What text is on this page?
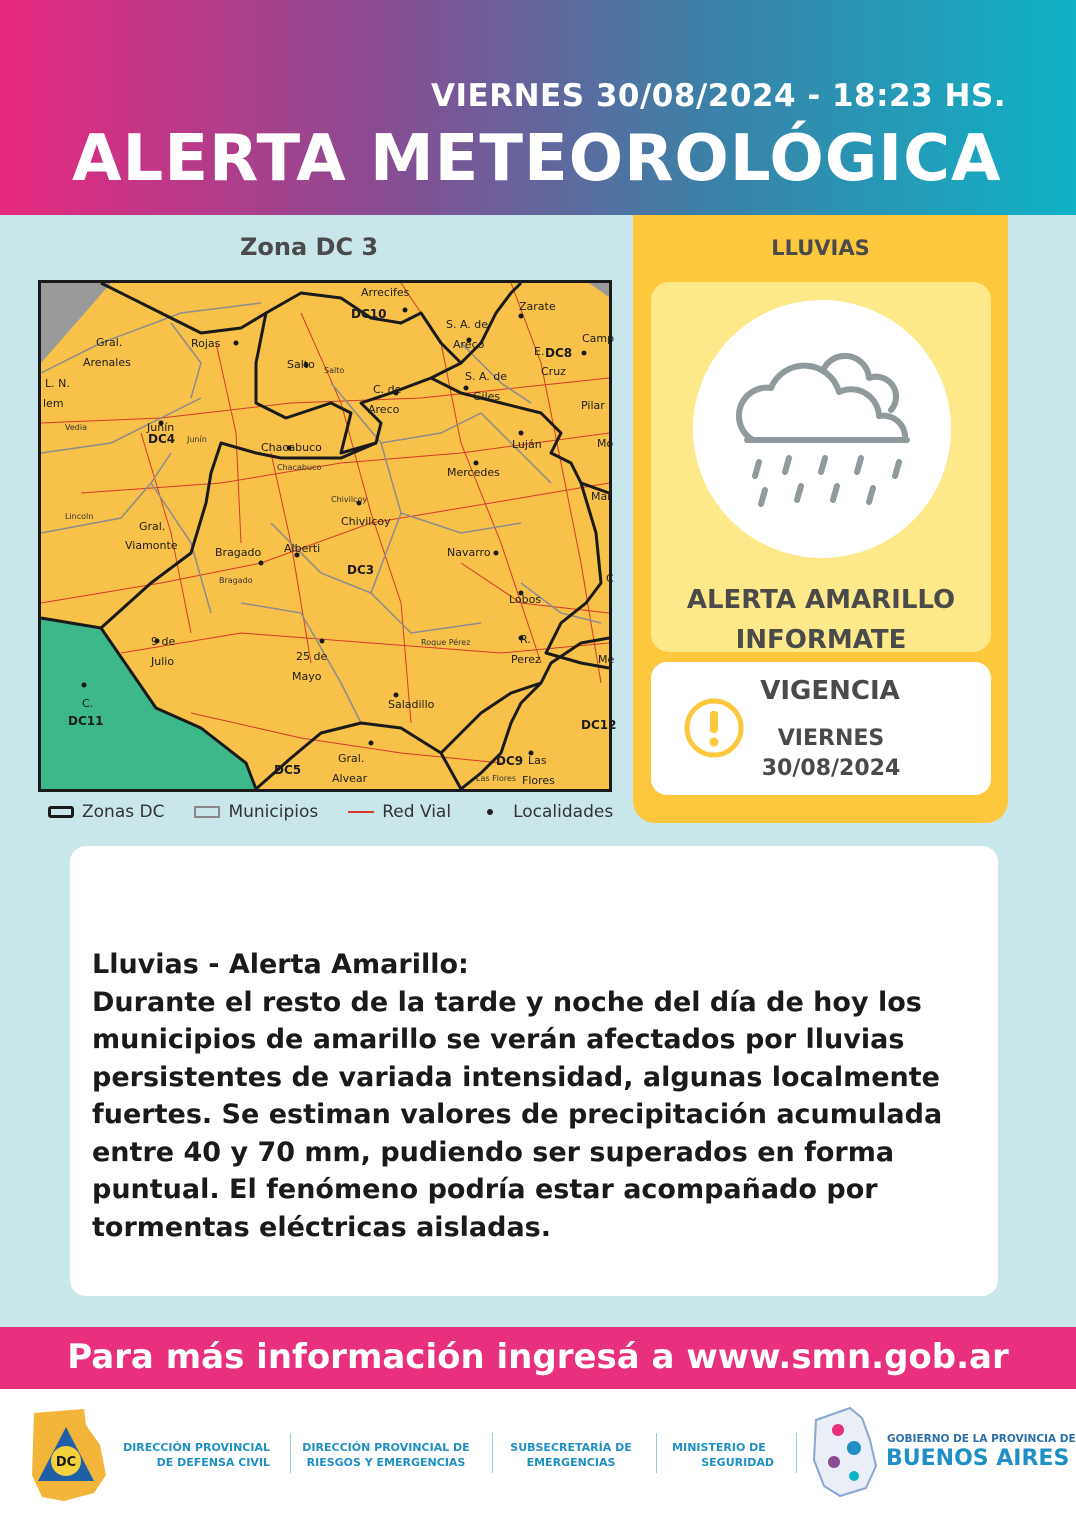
VIERNES 30/08/2024 - 18:23 HS.
ALERTA METEOROLÓGICA
Zona DC 3
Arrecifes
DC10
Zarate
S. A. de
Areco	Camp
E. DC8
Cruz
Gral.
Arenales
Rojas
Salto Salto
L. N.
lem
C. de
Areco
S. A. de
Giles
Pilar
Vedia	Junín
DC4 Junín
Chacabuco
Chacabuco
Luján	Mo
Mercedes
Mar
Chivilcoy
Chivilcoy
Lincoln
Gral.
Viamonte
Bragado Alberti	Navarro
Bragado
DC3
C
Lobos
9 de
Julio
Roque Pérez	R.
Perez	Me
25 de
Mayo
Saladillo
C.
DC11	DC12
DC5
Gral.
Alvear
DC9 Las
Flores
Las Flores
Zonas DC	Municipios	Red Vial	Localidades
LLUVIAS
ALERTA AMARILLO
INFORMATE
VIGENCIA
VIERNES
30/08/2024
Lluvias - Alerta Amarillo:
Durante el resto de la tarde y noche del día de hoy los municipios de amarillo se verán afectados por lluvias persistentes de variada intensidad, algunas localmente fuertes. Se estiman valores de precipitación acumulada entre 40 y 70 mm, pudiendo ser superados en forma puntual. El fenómeno podría estar acompañado por tormentas eléctricas aisladas.
Para más información ingresá a www.smn.gob.ar
DC
DIRECCIÓN PROVINCIAL
DE DEFENSA CIVIL
DIRECCIÓN PROVINCIAL DE
RIESGOS Y EMERGENCIAS
SUBSECRETARÍA DE
EMERGENCIAS
MINISTERIO DE
SEGURIDAD
GOBIERNO DE LA PROVINCIA DE
BUENOS AIRES
